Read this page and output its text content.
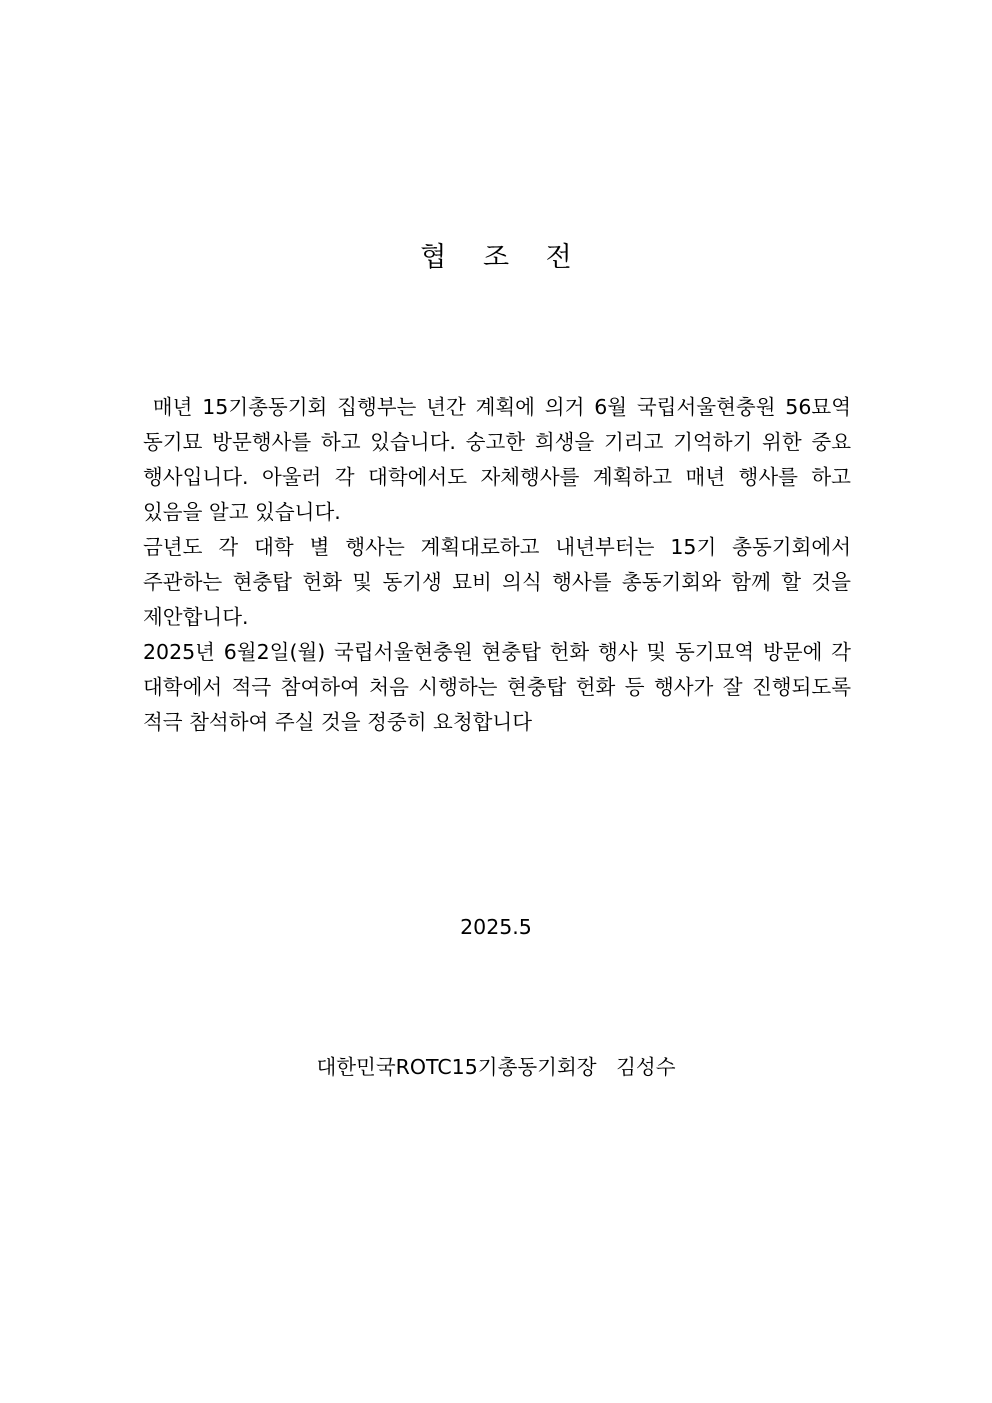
협 조 전

매년 15기총동기회 집행부는 년간 계획에 의거 6월 국립서울현충원 56묘역 동기묘 방문행사를 하고 있습니다. 숭고한 희생을 기리고 기억하기 위한 중요 행사입니다. 아울러 각 대학에서도 자체행사를 계획하고 매년 행사를 하고 있음을 알고 있습니다.

금년도 각 대학 별 행사는 계획대로하고 내년부터는 15기 총동기회에서 주관하는 현충탑 헌화 및 동기생 묘비 의식 행사를 총동기회와 함께 할 것을 제안합니다.

2025년 6월2일(월) 국립서울현충원 현충탑 헌화 행사 및 동기묘역 방문에 각 대학에서 적극 참여하여 처음 시행하는 현충탑 헌화 등 행사가 잘 진행되도록 적극 참석하여 주실 것을 정중히 요청합니다

2025.5
대한민국ROTC15기총동기회장   김성수
